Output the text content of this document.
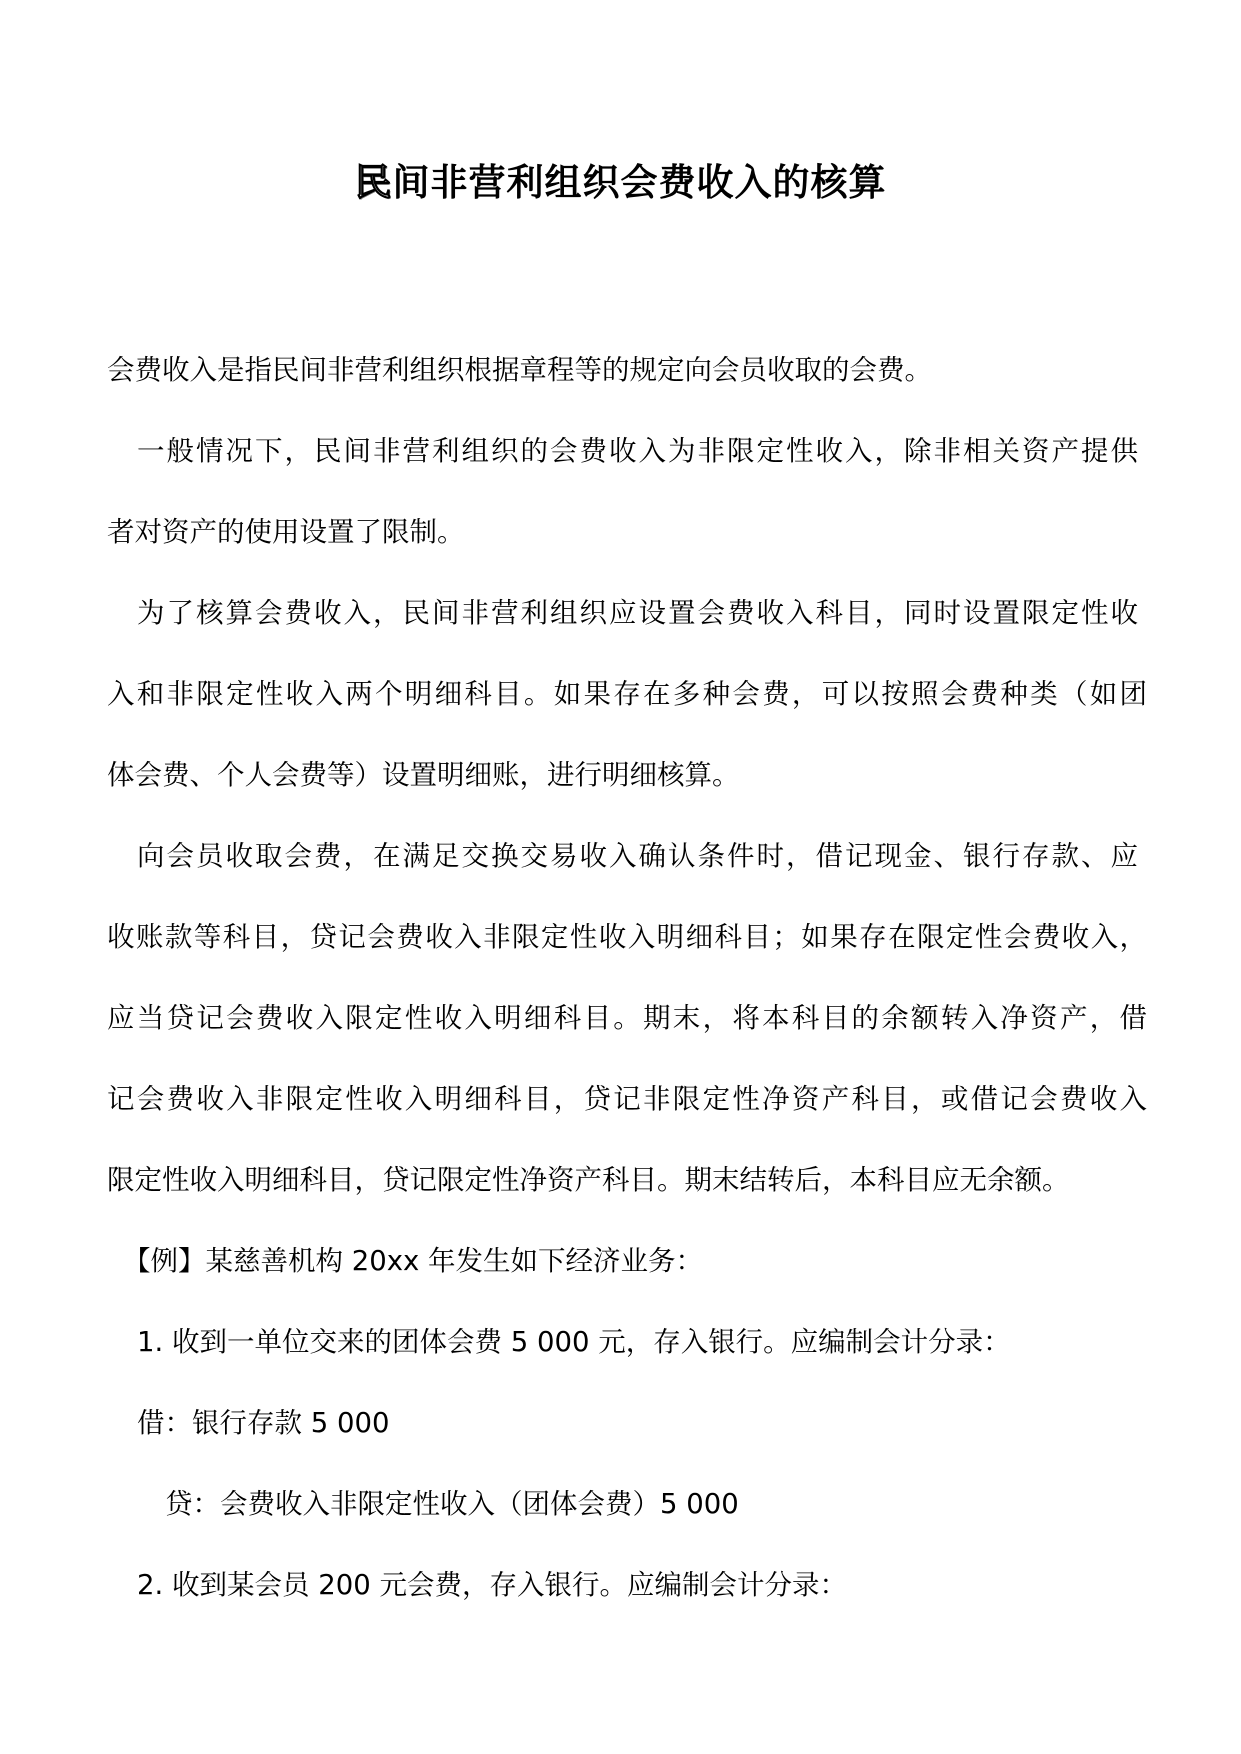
民间非营利组织会费收入的核算
会费收入是指民间非营利组织根据章程等的规定向会员收取的会费。
一般情况下，民间非营利组织的会费收入为非限定性收入，除非相关资产提供
者对资产的使用设置了限制。
为了核算会费收入，民间非营利组织应设置会费收入科目，同时设置限定性收
入和非限定性收入两个明细科目。如果存在多种会费，可以按照会费种类（如团
体会费、个人会费等）设置明细账，进行明细核算。
向会员收取会费，在满足交换交易收入确认条件时，借记现金、银行存款、应
收账款等科目，贷记会费收入非限定性收入明细科目；如果存在限定性会费收入，
应当贷记会费收入限定性收入明细科目。期末，将本科目的余额转入净资产，借
记会费收入非限定性收入明细科目，贷记非限定性净资产科目，或借记会费收入
限定性收入明细科目，贷记限定性净资产科目。期末结转后，本科目应无余额。
【例】某慈善机构 20xx 年发生如下经济业务：
1. 收到一单位交来的团体会费 5 000 元，存入银行。应编制会计分录：
借：银行存款 5 000
贷：会费收入非限定性收入（团体会费）5 000
2. 收到某会员 200 元会费，存入银行。应编制会计分录：
